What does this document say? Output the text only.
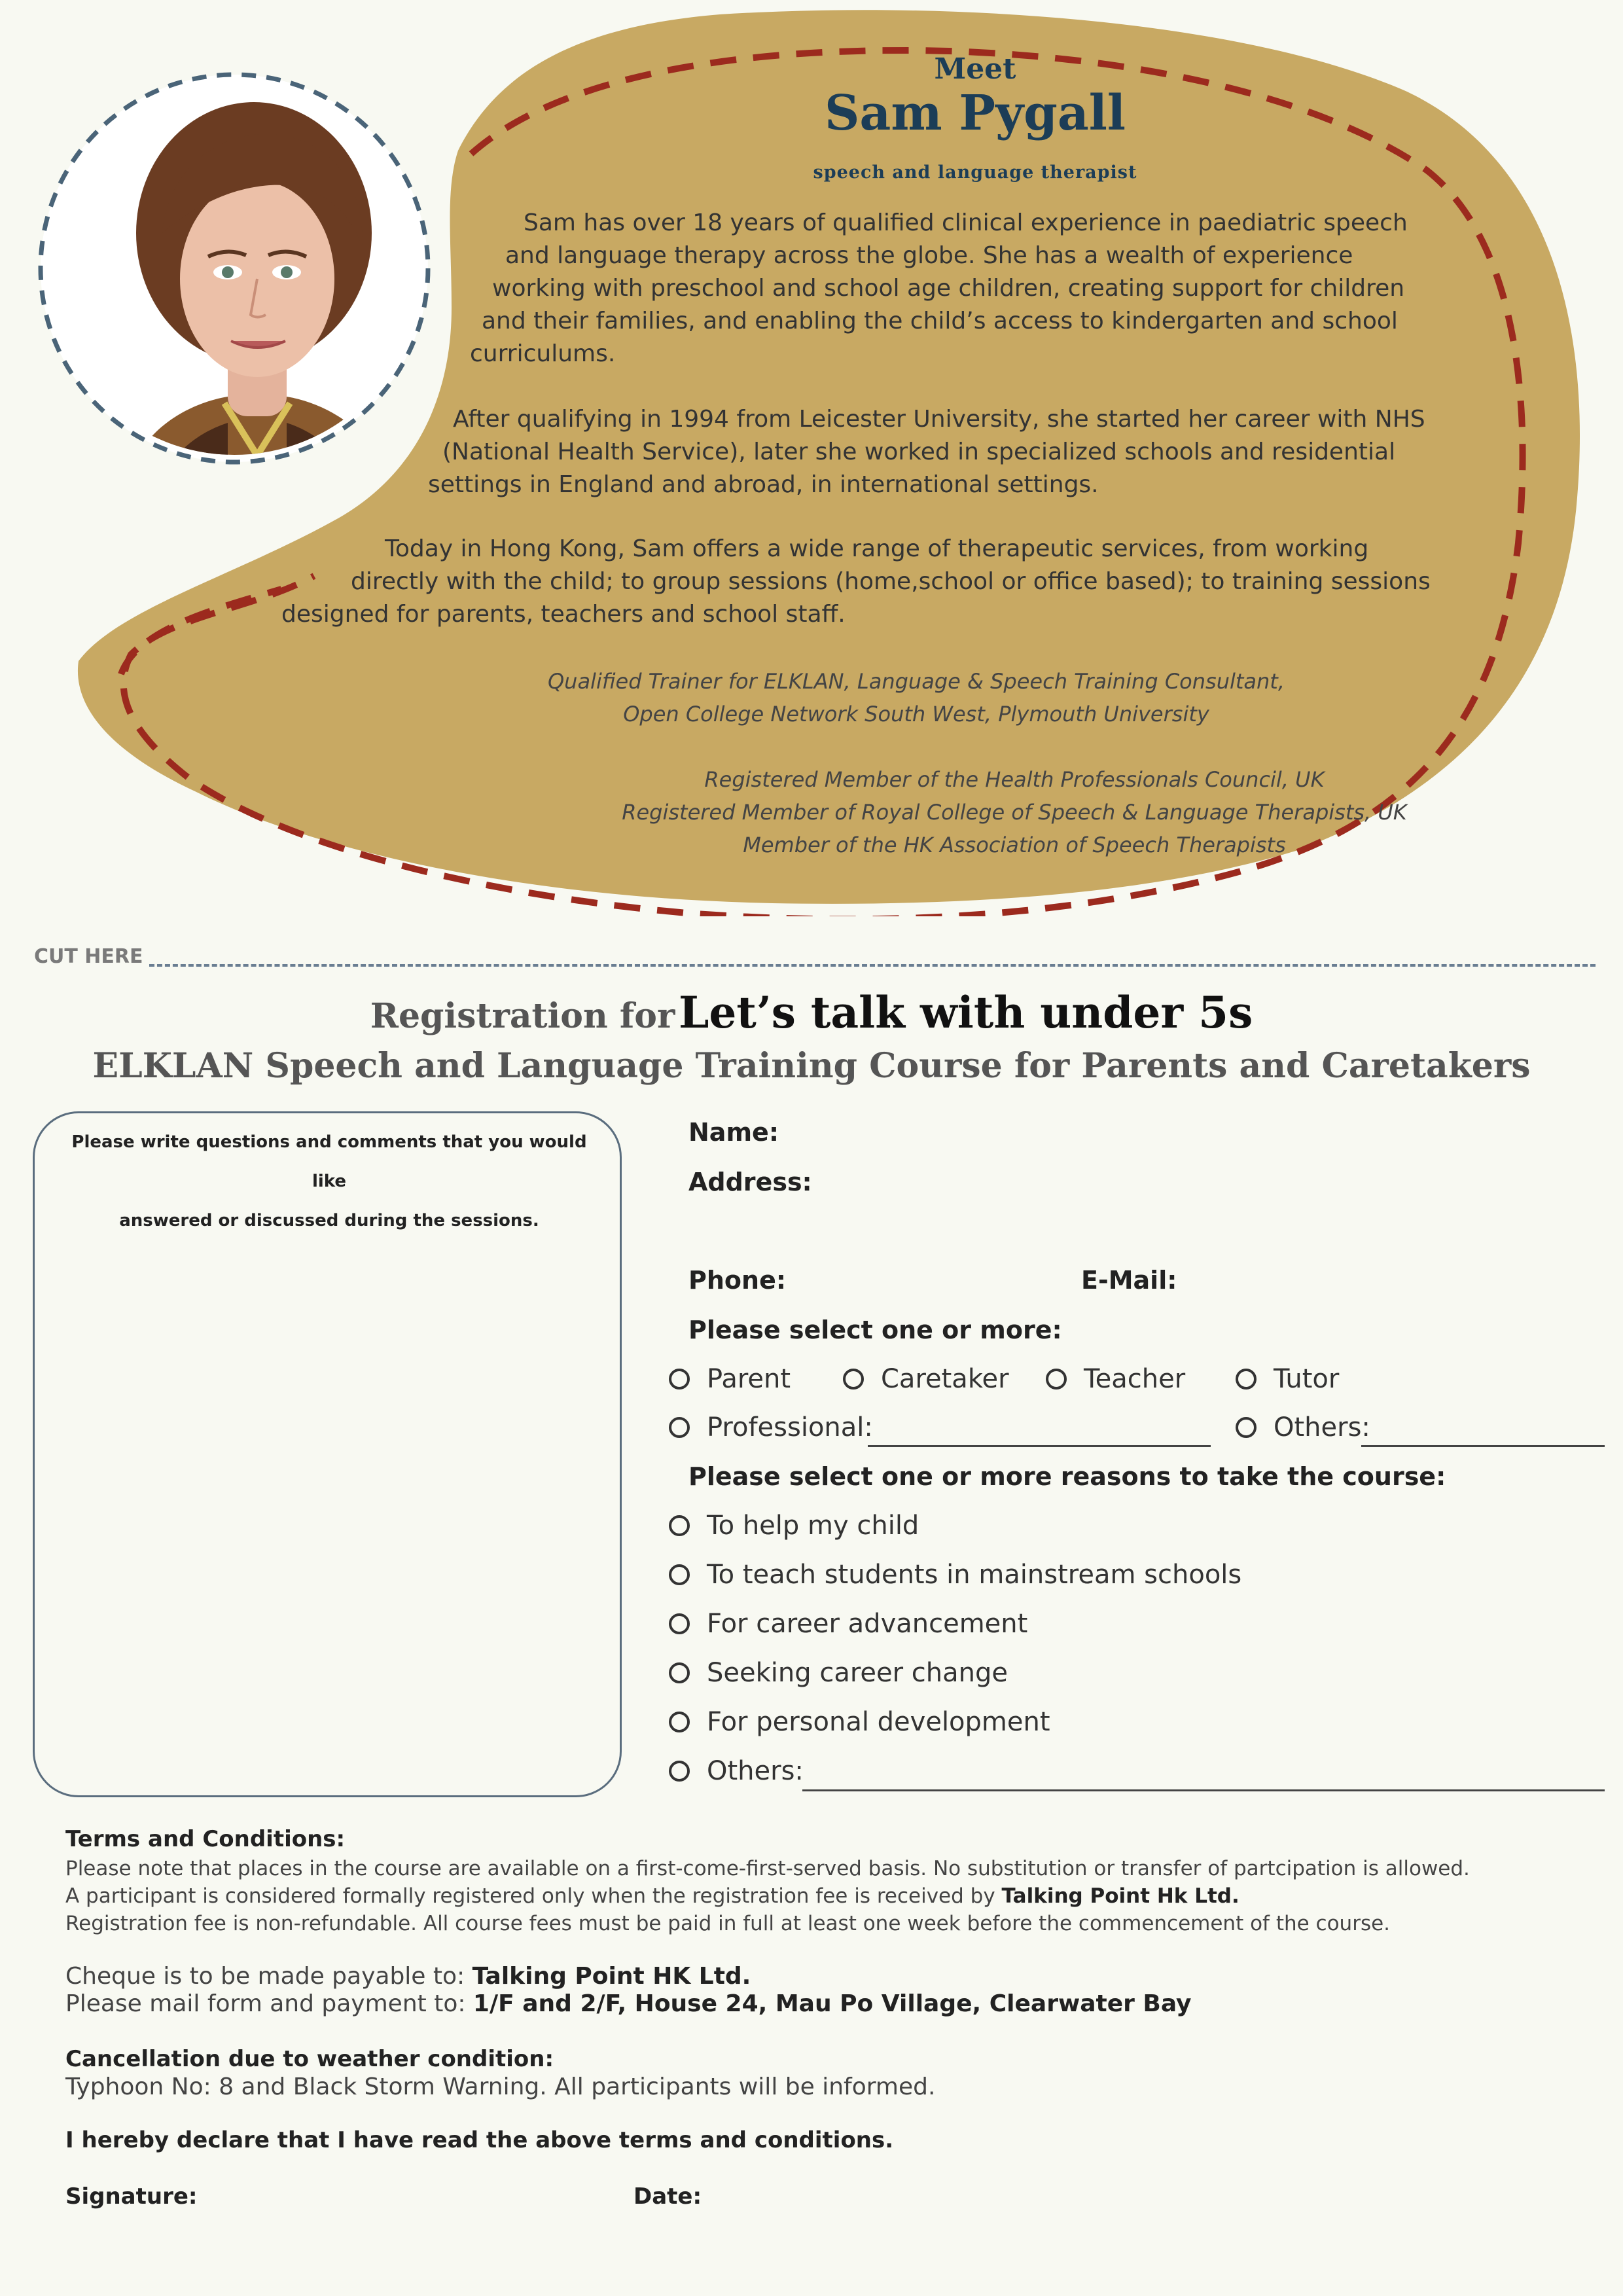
Meet
Sam Pygall
speech and language therapist

Sam has over 18 years of qualified clinical experience in paediatric speech

and language therapy across the globe. She has a wealth of experience

working with preschool and school age children, creating support for children

and their families, and enabling the child’s access to kindergarten and school

curriculums.

After qualifying in 1994 from Leicester University, she started her career with NHS

(National Health Service), later she worked in specialized schools and residential

settings in England and abroad, in international settings.

Today in Hong Kong, Sam offers a wide range of therapeutic services, from working

directly with the child; to group sessions (home,school or office based); to training sessions

designed for parents, teachers and school staff.

Qualified Trainer for ELKLAN, Language & Speech Training Consultant,
Open College Network South West, Plymouth University
Registered Member of the Health Professionals Council, UK
Registered Member of Royal College of Speech & Language Therapists, UK
Member of the HK Association of Speech Therapists
CUT HERE
Registration for Let’s talk with under 5s
ELKLAN Speech and Language Training Course for Parents and Caretakers
Please write questions and comments that you would like
answered or discussed during the sessions.
Name:
Address:
Phone:	E-Mail:
Please select one or more:
Parent	Caretaker	Teacher	Tutor
Professional:	Others:
Please select one or more reasons to take the course:
To help my child
To teach students in mainstream schools
For career advancement
Seeking career change
For personal development
Others:
Terms and Conditions:
Please note that places in the course are available on a first-come-first-served basis. No substitution or transfer of partcipation is allowed.
A participant is considered formally registered only when the registration fee is received by Talking Point Hk Ltd.
Registration fee is non-refundable. All course fees must be paid in full at least one week before the commencement of the course.
Cheque is to be made payable to: Talking Point HK Ltd.
Please mail form and payment to: 1/F and 2/F, House 24, Mau Po Village, Clearwater Bay
Cancellation due to weather condition:
Typhoon No: 8 and Black Storm Warning. All participants will be informed.
I hereby declare that I have read the above terms and conditions.
Signature:	Date:
